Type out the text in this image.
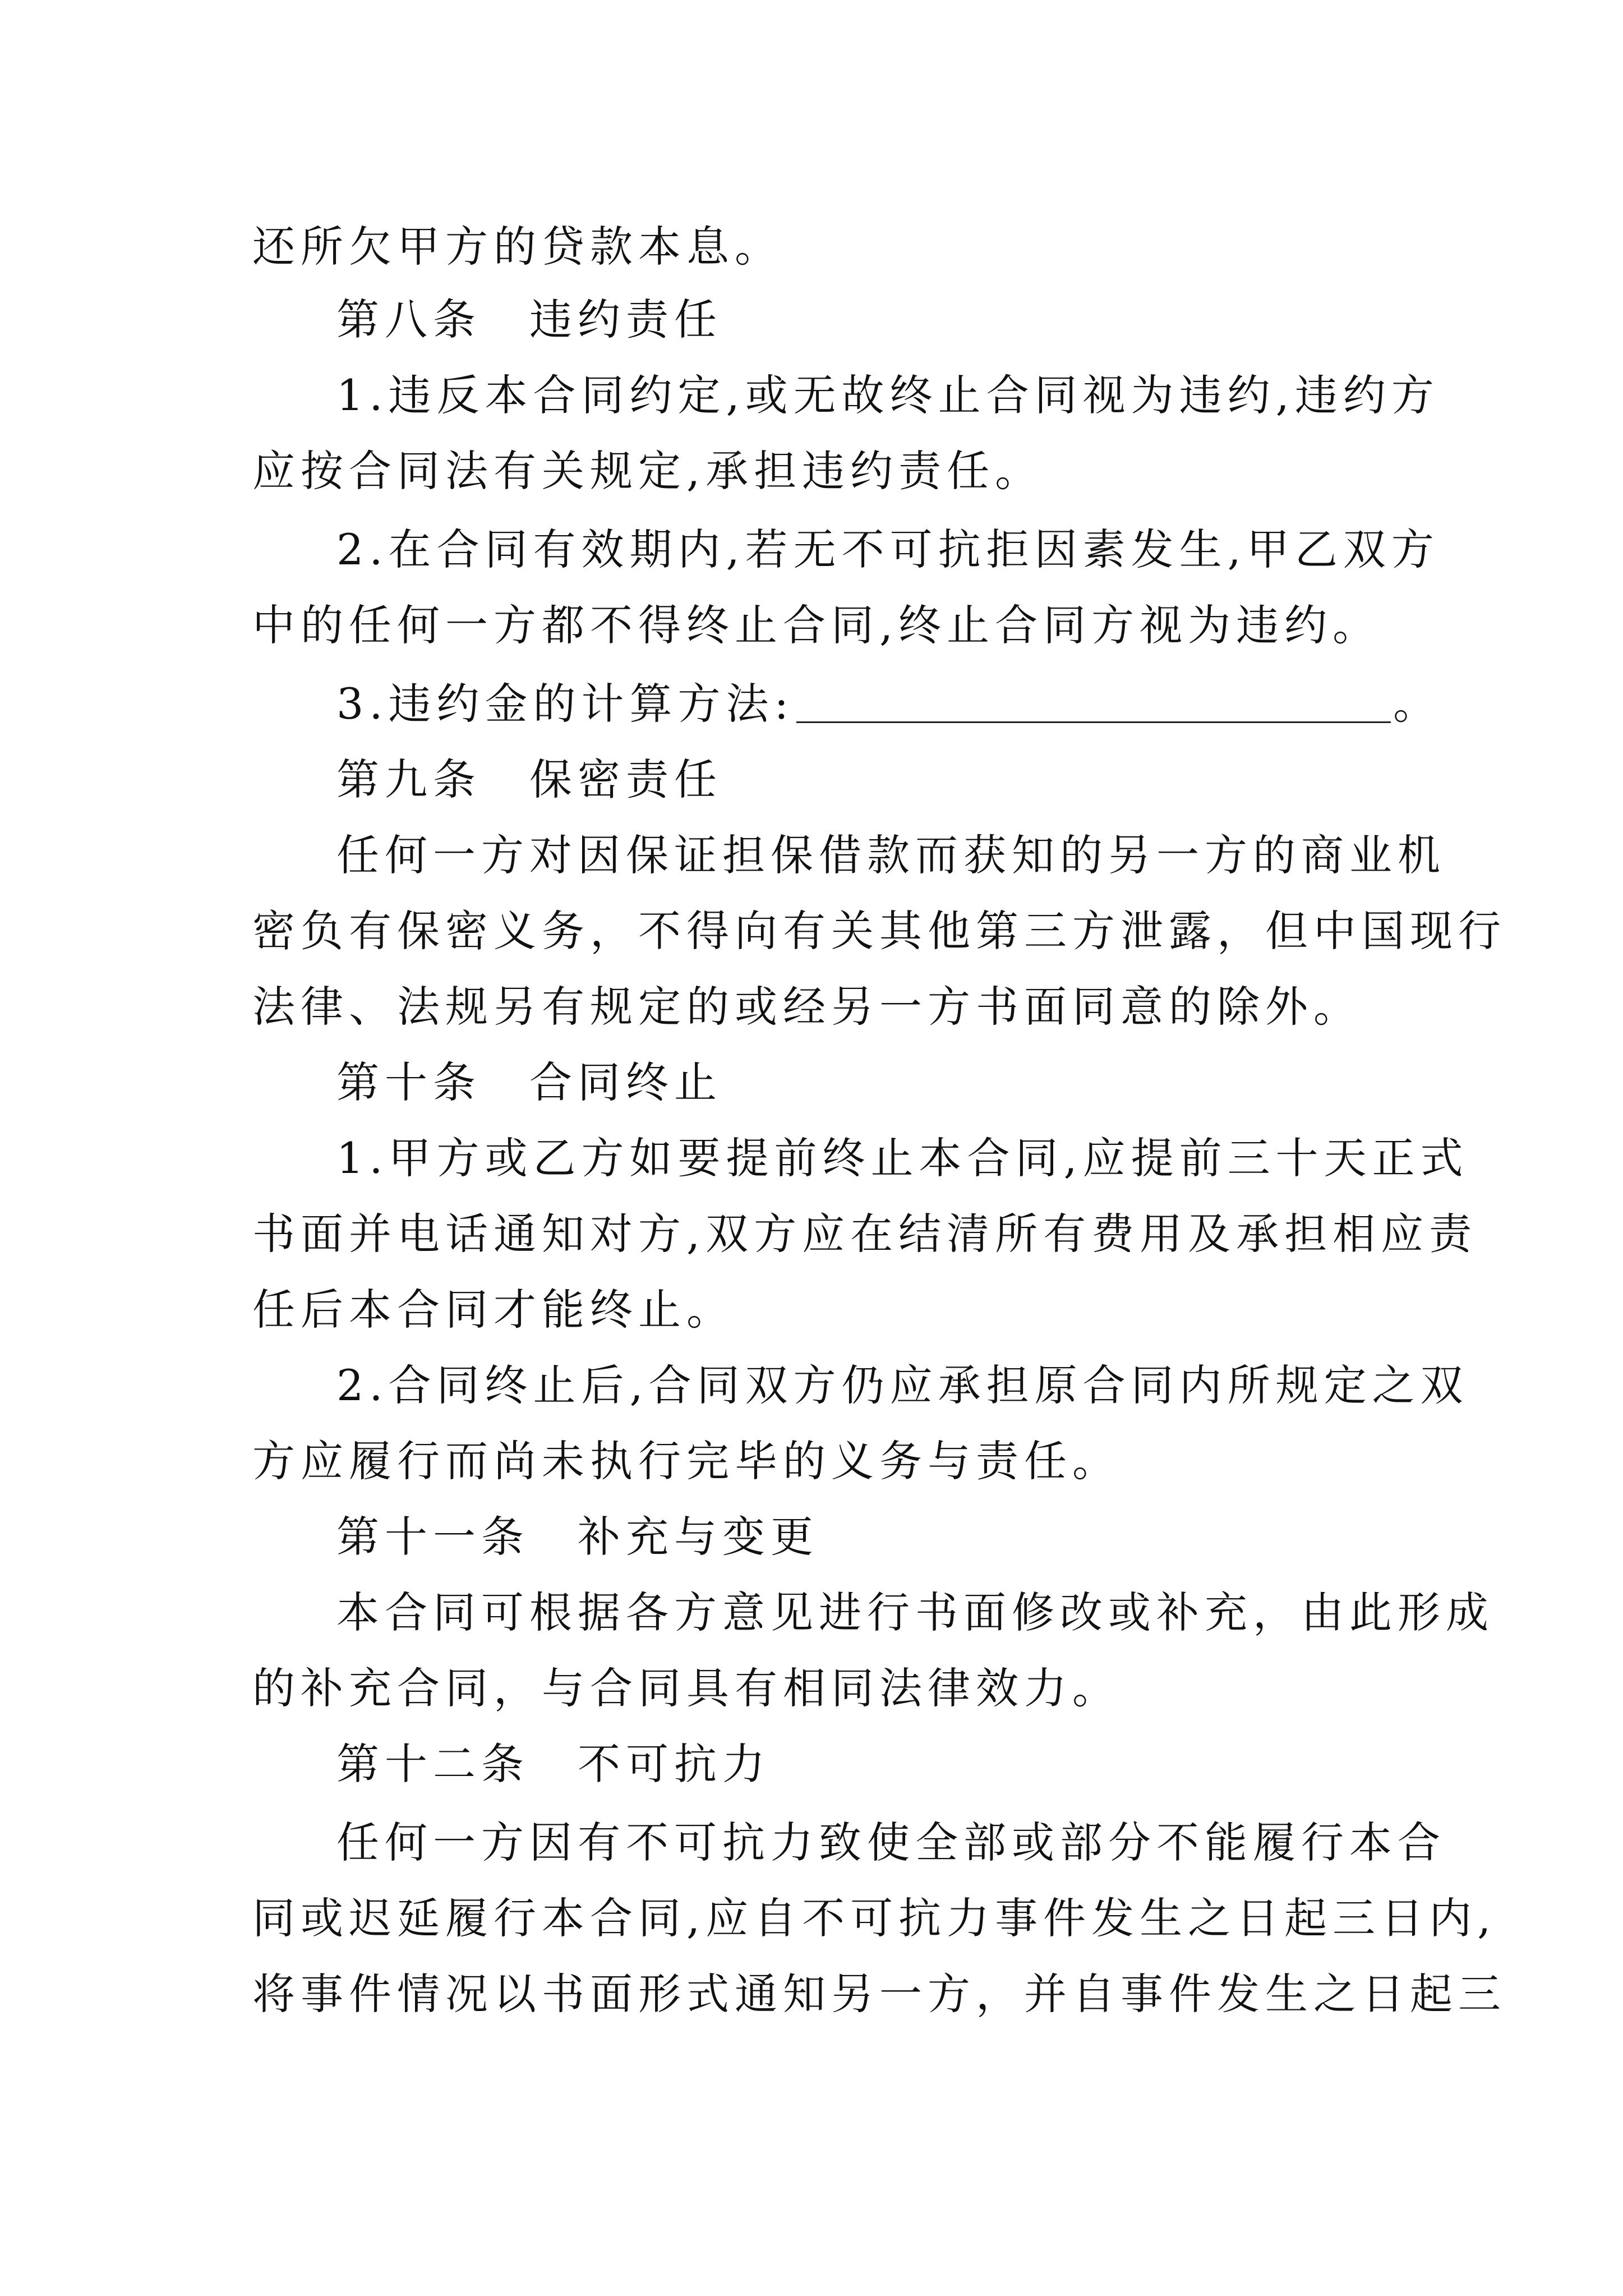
还所欠甲方的贷款本息。
第八条　违约责任
1.违反本合同约定,或无故终止合同视为违约,违约方
应按合同法有关规定,承担违约责任。
2.在合同有效期内,若无不可抗拒因素发生,甲乙双方
中的任何一方都不得终止合同,终止合同方视为违约。
3.违约金的计算方法:	。
第九条　保密责任
任何一方对因保证担保借款而获知的另一方的商业机
密负有保密义务，不得向有关其他第三方泄露，但中国现行
法律、法规另有规定的或经另一方书面同意的除外。
第十条　合同终止
1.甲方或乙方如要提前终止本合同,应提前三十天正式
书面并电话通知对方,双方应在结清所有费用及承担相应责
任后本合同才能终止。
2.合同终止后,合同双方仍应承担原合同内所规定之双
方应履行而尚未执行完毕的义务与责任。
第十一条　补充与变更
本合同可根据各方意见进行书面修改或补充，由此形成
的补充合同，与合同具有相同法律效力。
第十二条　不可抗力
任何一方因有不可抗力致使全部或部分不能履行本合
同或迟延履行本合同,应自不可抗力事件发生之日起三日内,
将事件情况以书面形式通知另一方，并自事件发生之日起三
